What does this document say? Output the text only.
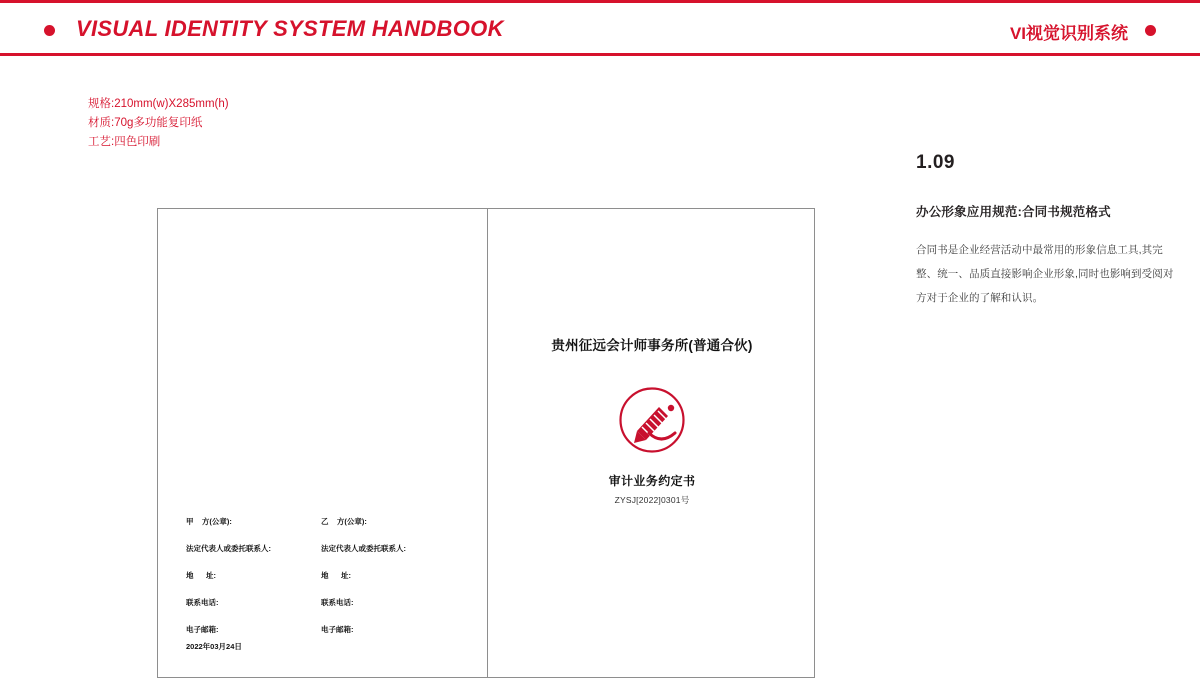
VISUAL IDENTITY SYSTEM HANDBOOK	VI视觉识别系统
规格:210mm(w)X285mm(h)
材质:70g多功能复印纸
工艺:四色印刷
甲    方(公章):	乙    方(公章):
法定代表人或委托联系人:	法定代表人或委托联系人:
地      址:	地      址:
联系电话:	联系电话:
电子邮箱:	电子邮箱:
2022年03月24日
贵州征远会计师事务所(普通合伙)
审计业务约定书
ZYSJ[2022]0301号
1.09
办公形象应用规范:合同书规范格式

合同书是企业经营活动中最常用的形象信息工具,其完整、统一、品质直接影响企业形象,同时也影响到受阅对方对于企业的了解和认识。
